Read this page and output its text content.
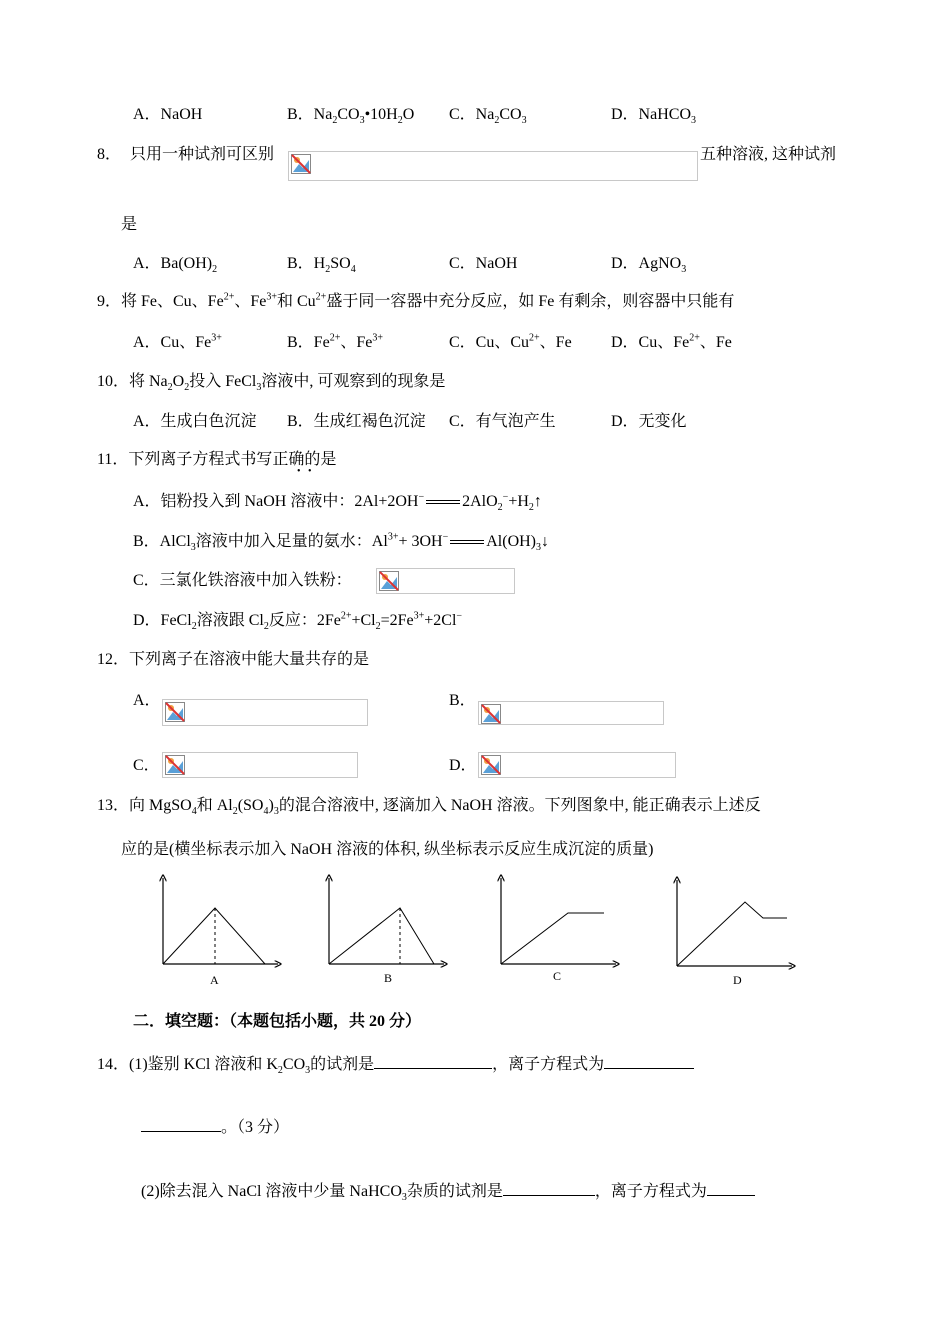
A．NaOH	B．$Na_2CO_3•10H_2O$ C．$Na_2CO_3$	D．NaHCO$_3$
8． 只用一种试剂可区别	五种溶液, 这种试剂
是
A．$Ba(OH)_2$	B．$H_2SO_4$	C．NaOH	D．AgNO$_3$
9．将 Fe、Cu、$Fe^{2+}$、$Fe^{3+}$和 $Cu^{2+}$盛于同一容器中充分反应，如 Fe 有剩余，则容器中只能有
A．Cu、$Fe^{3+}$	B．$Fe^{2+}$、$Fe^{3+}$	C．Cu、$Cu^{2+}$、Fe D．Cu、$Fe^{2+}$、Fe
10．将 $Na_2O_2$投入 FeCl$_3$溶液中, 可观察到的现象是
A．生成白色沉淀 B．生成红褐色沉淀 C．有气泡产生	D．无变化
11．下列离子方程式书写正确的是
•   •
A．铝粉投入到 NaOH 溶液中：2Al+2OH− $2AlO_2^-+H_2↑$
B．AlCl$_3$溶液中加入足量的氨水：$Al^{3+}+ 3OH^-$ $Al(OH)_3↓$
C．三氯化铁溶液中加入铁粉：
D．FeCl$_2$溶液跟 $Cl_2$反应：$2Fe^{2+}+Cl_2=2Fe^{3+}+2Cl^-$
12．下列离子在溶液中能大量共存的是
A．	B．
C．	D．
13．向 MgSO$_4$和 $Al_2(SO_4)_3$的混合溶液中, 逐滴加入 NaOH 溶液。下列图象中, 能正确表示上述反
应的是(横坐标表示加入 NaOH 溶液的体积, 纵坐标表示反应生成沉淀的质量)
A	B	C	D
二．填空题：（本题包括小题，共 20 分）
14．(1)鉴别 KCl 溶液和 $K_2CO_3$的试剂是	，离子方程式为
。（3 分）
(2)除去混入 NaCl 溶液中少量 NaHCO$_3$杂质的试剂是	，离子方程式为
